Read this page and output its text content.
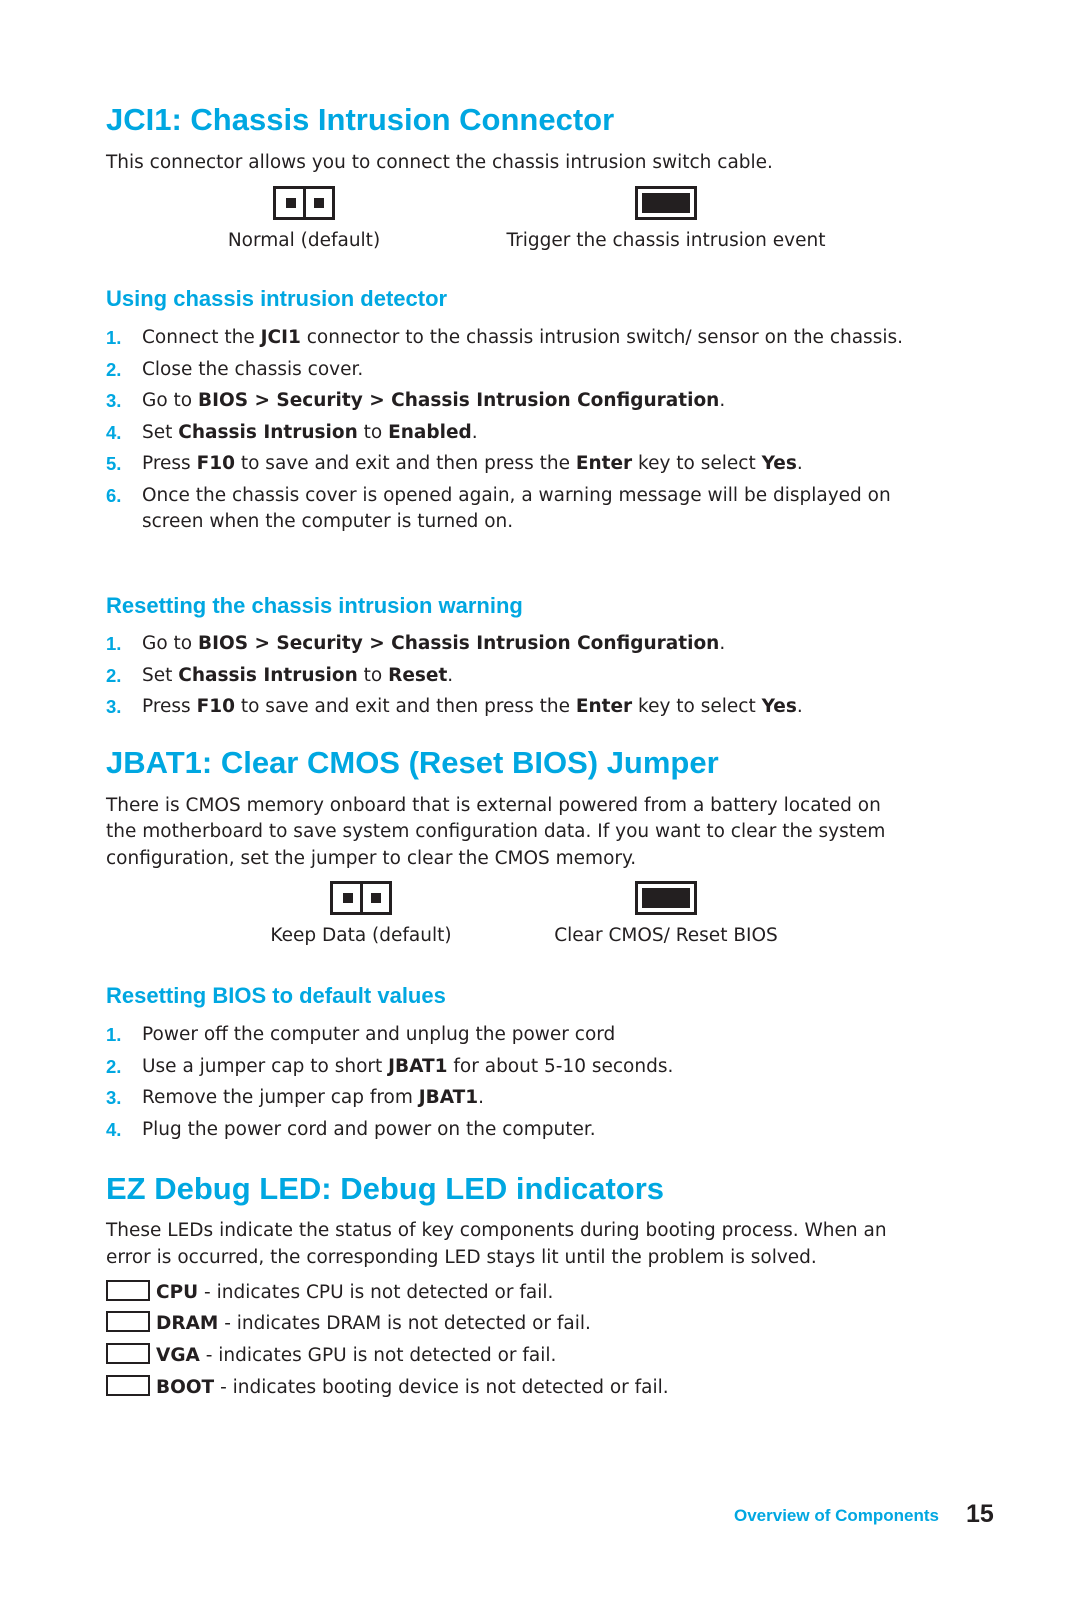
JCI1: Chassis Intrusion Connector

This connector allows you to connect the chassis intrusion switch cable.

Normal (default)	Trigger the chassis intrusion event
Using chassis intrusion detector
1. Connect the JCI1 connector to the chassis intrusion switch/ sensor on the chassis.
2. Close the chassis cover.
3. Go to BIOS > Security > Chassis Intrusion Configuration.
4. Set Chassis Intrusion to Enabled.
5. Press F10 to save and exit and then press the Enter key to select Yes.
6. Once the chassis cover is opened again, a warning message will be displayed on screen when the computer is turned on.
Resetting the chassis intrusion warning
1. Go to BIOS > Security > Chassis Intrusion Configuration.
2. Set Chassis Intrusion to Reset.
3. Press F10 to save and exit and then press the Enter key to select Yes.
JBAT1: Clear CMOS (Reset BIOS) Jumper

There is CMOS memory onboard that is external powered from a battery located on

the motherboard to save system configuration data. If you want to clear the system

configuration, set the jumper to clear the CMOS memory.

Keep Data (default)	Clear CMOS/ Reset BIOS
Resetting BIOS to default values
1. Power off the computer and unplug the power cord
2. Use a jumper cap to short JBAT1 for about 5-10 seconds.
3. Remove the jumper cap from JBAT1.
4. Plug the power cord and power on the computer.
EZ Debug LED: Debug LED indicators

These LEDs indicate the status of key components during booting process. When an

error is occurred, the corresponding LED stays lit until the problem is solved.

CPU - indicates CPU is not detected or fail.
DRAM - indicates DRAM is not detected or fail.
VGA - indicates GPU is not detected or fail.
BOOT - indicates booting device is not detected or fail.
Overview of Components 15
